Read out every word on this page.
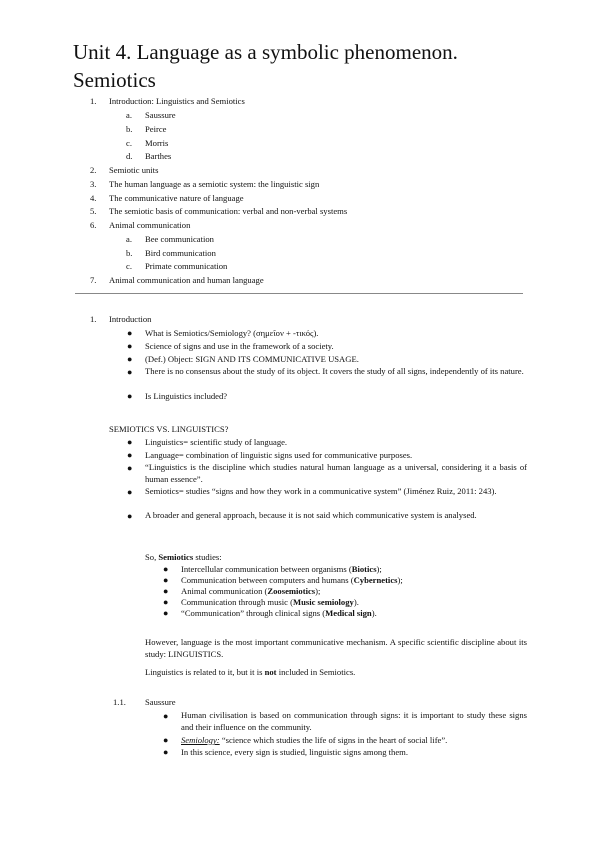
Unit 4. Language as a symbolic phenomenon.
Semiotics
1. Introduction: Linguistics and Semiotics
a. Saussure
b. Peirce
c. Morris
d. Barthes
2. Semiotic units
3. The human language as a semiotic system: the linguistic sign
4. The communicative nature of language
5. The semiotic basis of communication: verbal and non-verbal systems
6. Animal communication
a. Bee communication
b. Bird communication
c. Primate communication
7. Animal communication and human language
1. Introduction
● What is Semiotics/Semiology? (σημεῖον + -τικός).
● Science of signs and use in the framework of a society.
● (Def.) Object: SIGN AND ITS COMMUNICATIVE USAGE.
● There is no consensus about the study of its object. It covers the study of all signs, independently of its nature.
● Is Linguistics included?
SEMIOTICS VS. LINGUISTICS?
● Linguistics= scientific study of language.
● Language= combination of linguistic signs used for communicative purposes.
● “Linguistics is the discipline which studies natural human language as a universal, considering it a basis of human essence”.
● Semiotics= studies “signs and how they work in a communicative system” (Jiménez Ruiz, 2011: 243).
● A broader and general approach, because it is not said which communicative system is analysed.
So, Semiotics studies:
● Intercellular communication between organisms (Biotics);
● Communication between computers and humans (Cybernetics);
● Animal communication (Zoosemiotics);
● Communication through music (Music semiology).
● “Communication” through clinical signs (Medical sign).
However, language is the most important communicative mechanism. A specific scientific discipline about its study: LINGUISTICS.
Linguistics is related to it, but it is not included in Semiotics.
1.1. Saussure
● Human civilisation is based on communication through signs: it is important to study these signs and their influence on the community.
● Semiology: “science which studies the life of signs in the heart of social life”.
● In this science, every sign is studied, linguistic signs among them.
